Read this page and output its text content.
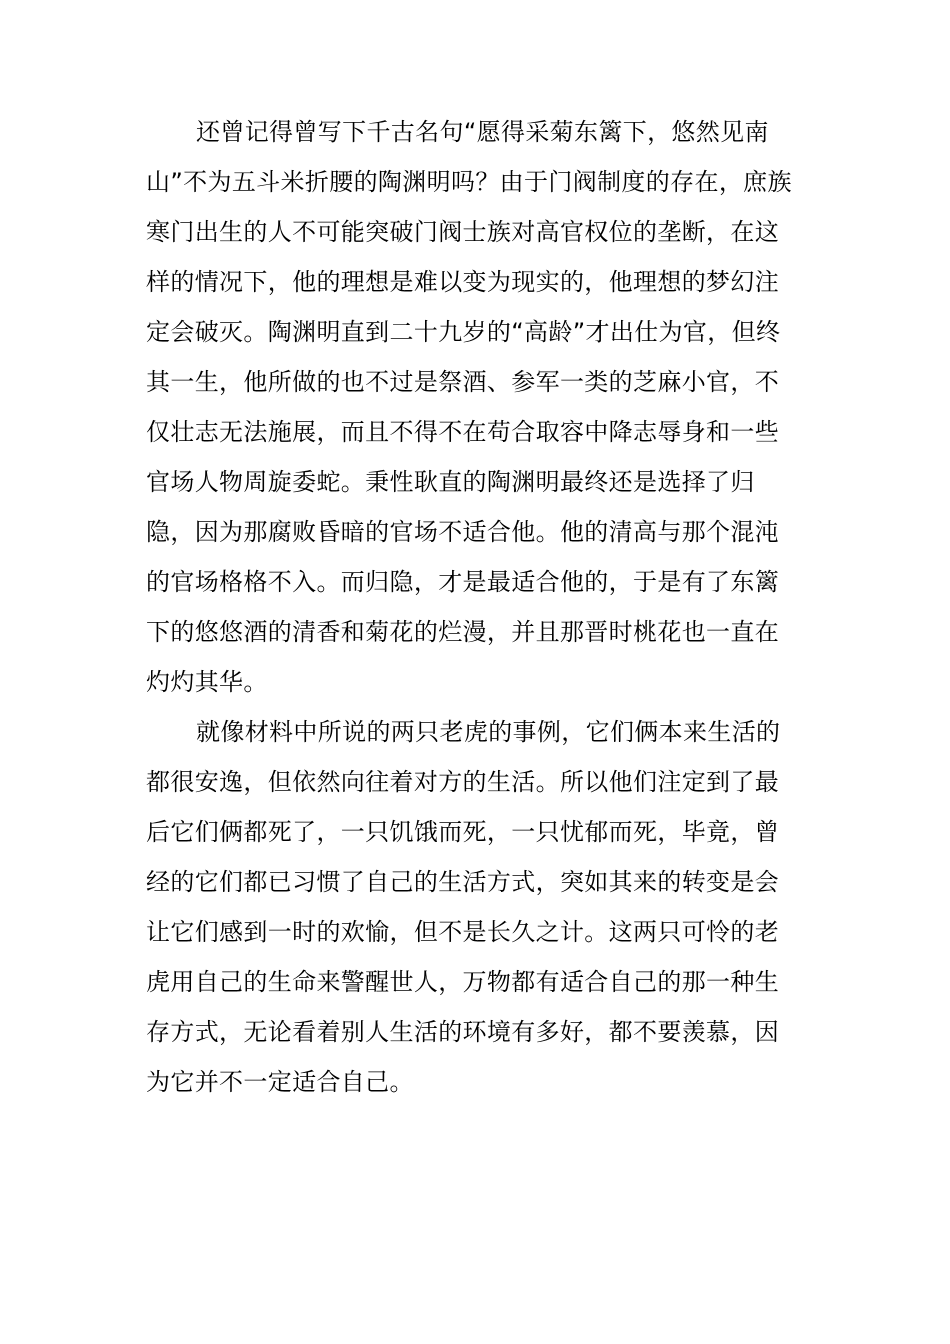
还曾记得曾写下千古名句“愿得采菊东篱下，悠然见南
山”不为五斗米折腰的陶渊明吗？由于门阀制度的存在，庶族
寒门出生的人不可能突破门阀士族对高官权位的垄断，在这
样的情况下，他的理想是难以变为现实的，他理想的梦幻注
定会破灭。陶渊明直到二十九岁的“高龄”才出仕为官，但终
其一生，他所做的也不过是祭酒、参军一类的芝麻小官，不
仅壮志无法施展，而且不得不在苟合取容中降志辱身和一些
官场人物周旋委蛇。秉性耿直的陶渊明最终还是选择了归
隐，因为那腐败昏暗的官场不适合他。他的清高与那个混沌
的官场格格不入。而归隐，才是最适合他的，于是有了东篱
下的悠悠酒的清香和菊花的烂漫，并且那晋时桃花也一直在
灼灼其华。
就像材料中所说的两只老虎的事例，它们俩本来生活的
都很安逸，但依然向往着对方的生活。所以他们注定到了最
后它们俩都死了，一只饥饿而死，一只忧郁而死，毕竟，曾
经的它们都已习惯了自己的生活方式，突如其来的转变是会
让它们感到一时的欢愉，但不是长久之计。这两只可怜的老
虎用自己的生命来警醒世人，万物都有适合自己的那一种生
存方式，无论看着别人生活的环境有多好，都不要羡慕，因
为它并不一定适合自己。
